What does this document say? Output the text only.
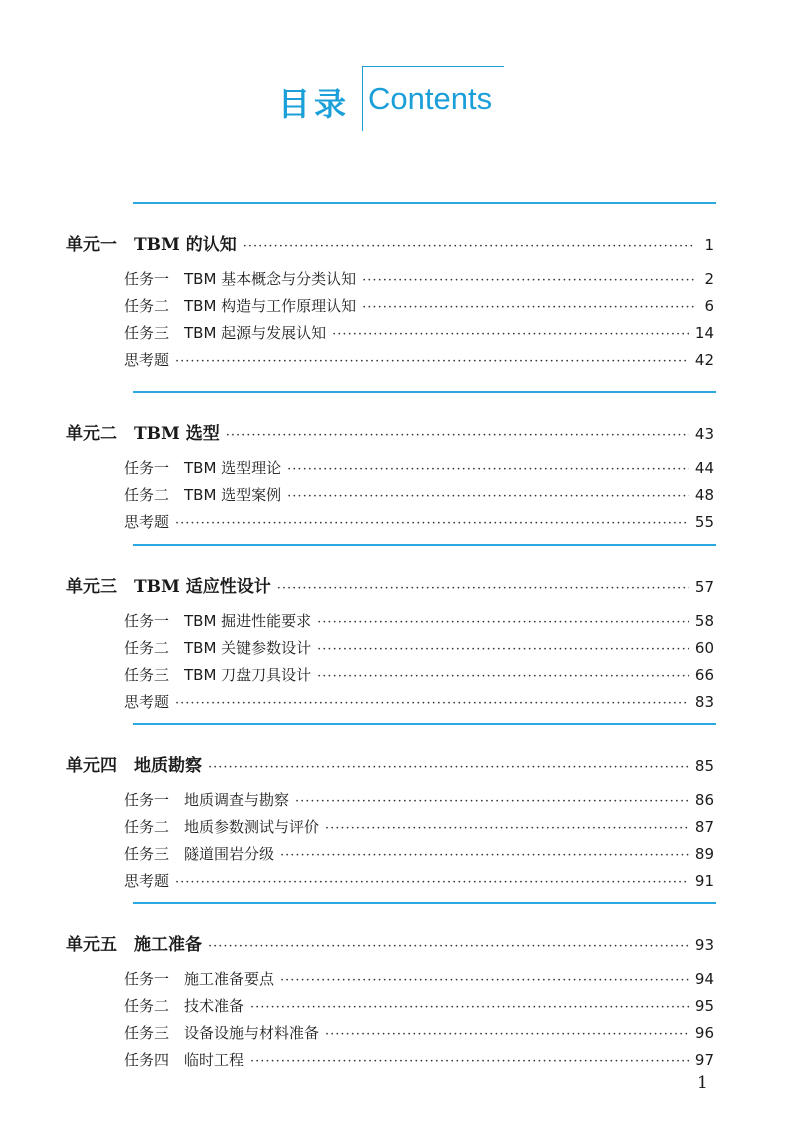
目录 Contents
单元一　TBM 的认知 ·····	1
任务一　TBM 基本概念与分类认知 ·····	2
任务二　TBM 构造与工作原理认知 ·····	6
任务三　TBM 起源与发展认知 ·····	14
思考题 ·····	42
单元二　TBM 选型 ·····	43
任务一　TBM 选型理论 ·····	44
任务二　TBM 选型案例 ·····	48
思考题 ·····	55
单元三　TBM 适应性设计 ·····	57
任务一　TBM 掘进性能要求 ·····	58
任务二　TBM 关键参数设计 ·····	60
任务三　TBM 刀盘刀具设计 ·····	66
思考题 ·····	83
单元四　地质勘察 ·····	85
任务一　地质调查与勘察 ·····	86
任务二　地质参数测试与评价 ·····	87
任务三　隧道围岩分级 ·····	89
思考题 ·····	91
单元五　施工准备 ·····	93
任务一　施工准备要点 ·····	94
任务二　技术准备 ·····	95
任务三　设备设施与材料准备 ·····	96
任务四　临时工程 ·····	97
1
